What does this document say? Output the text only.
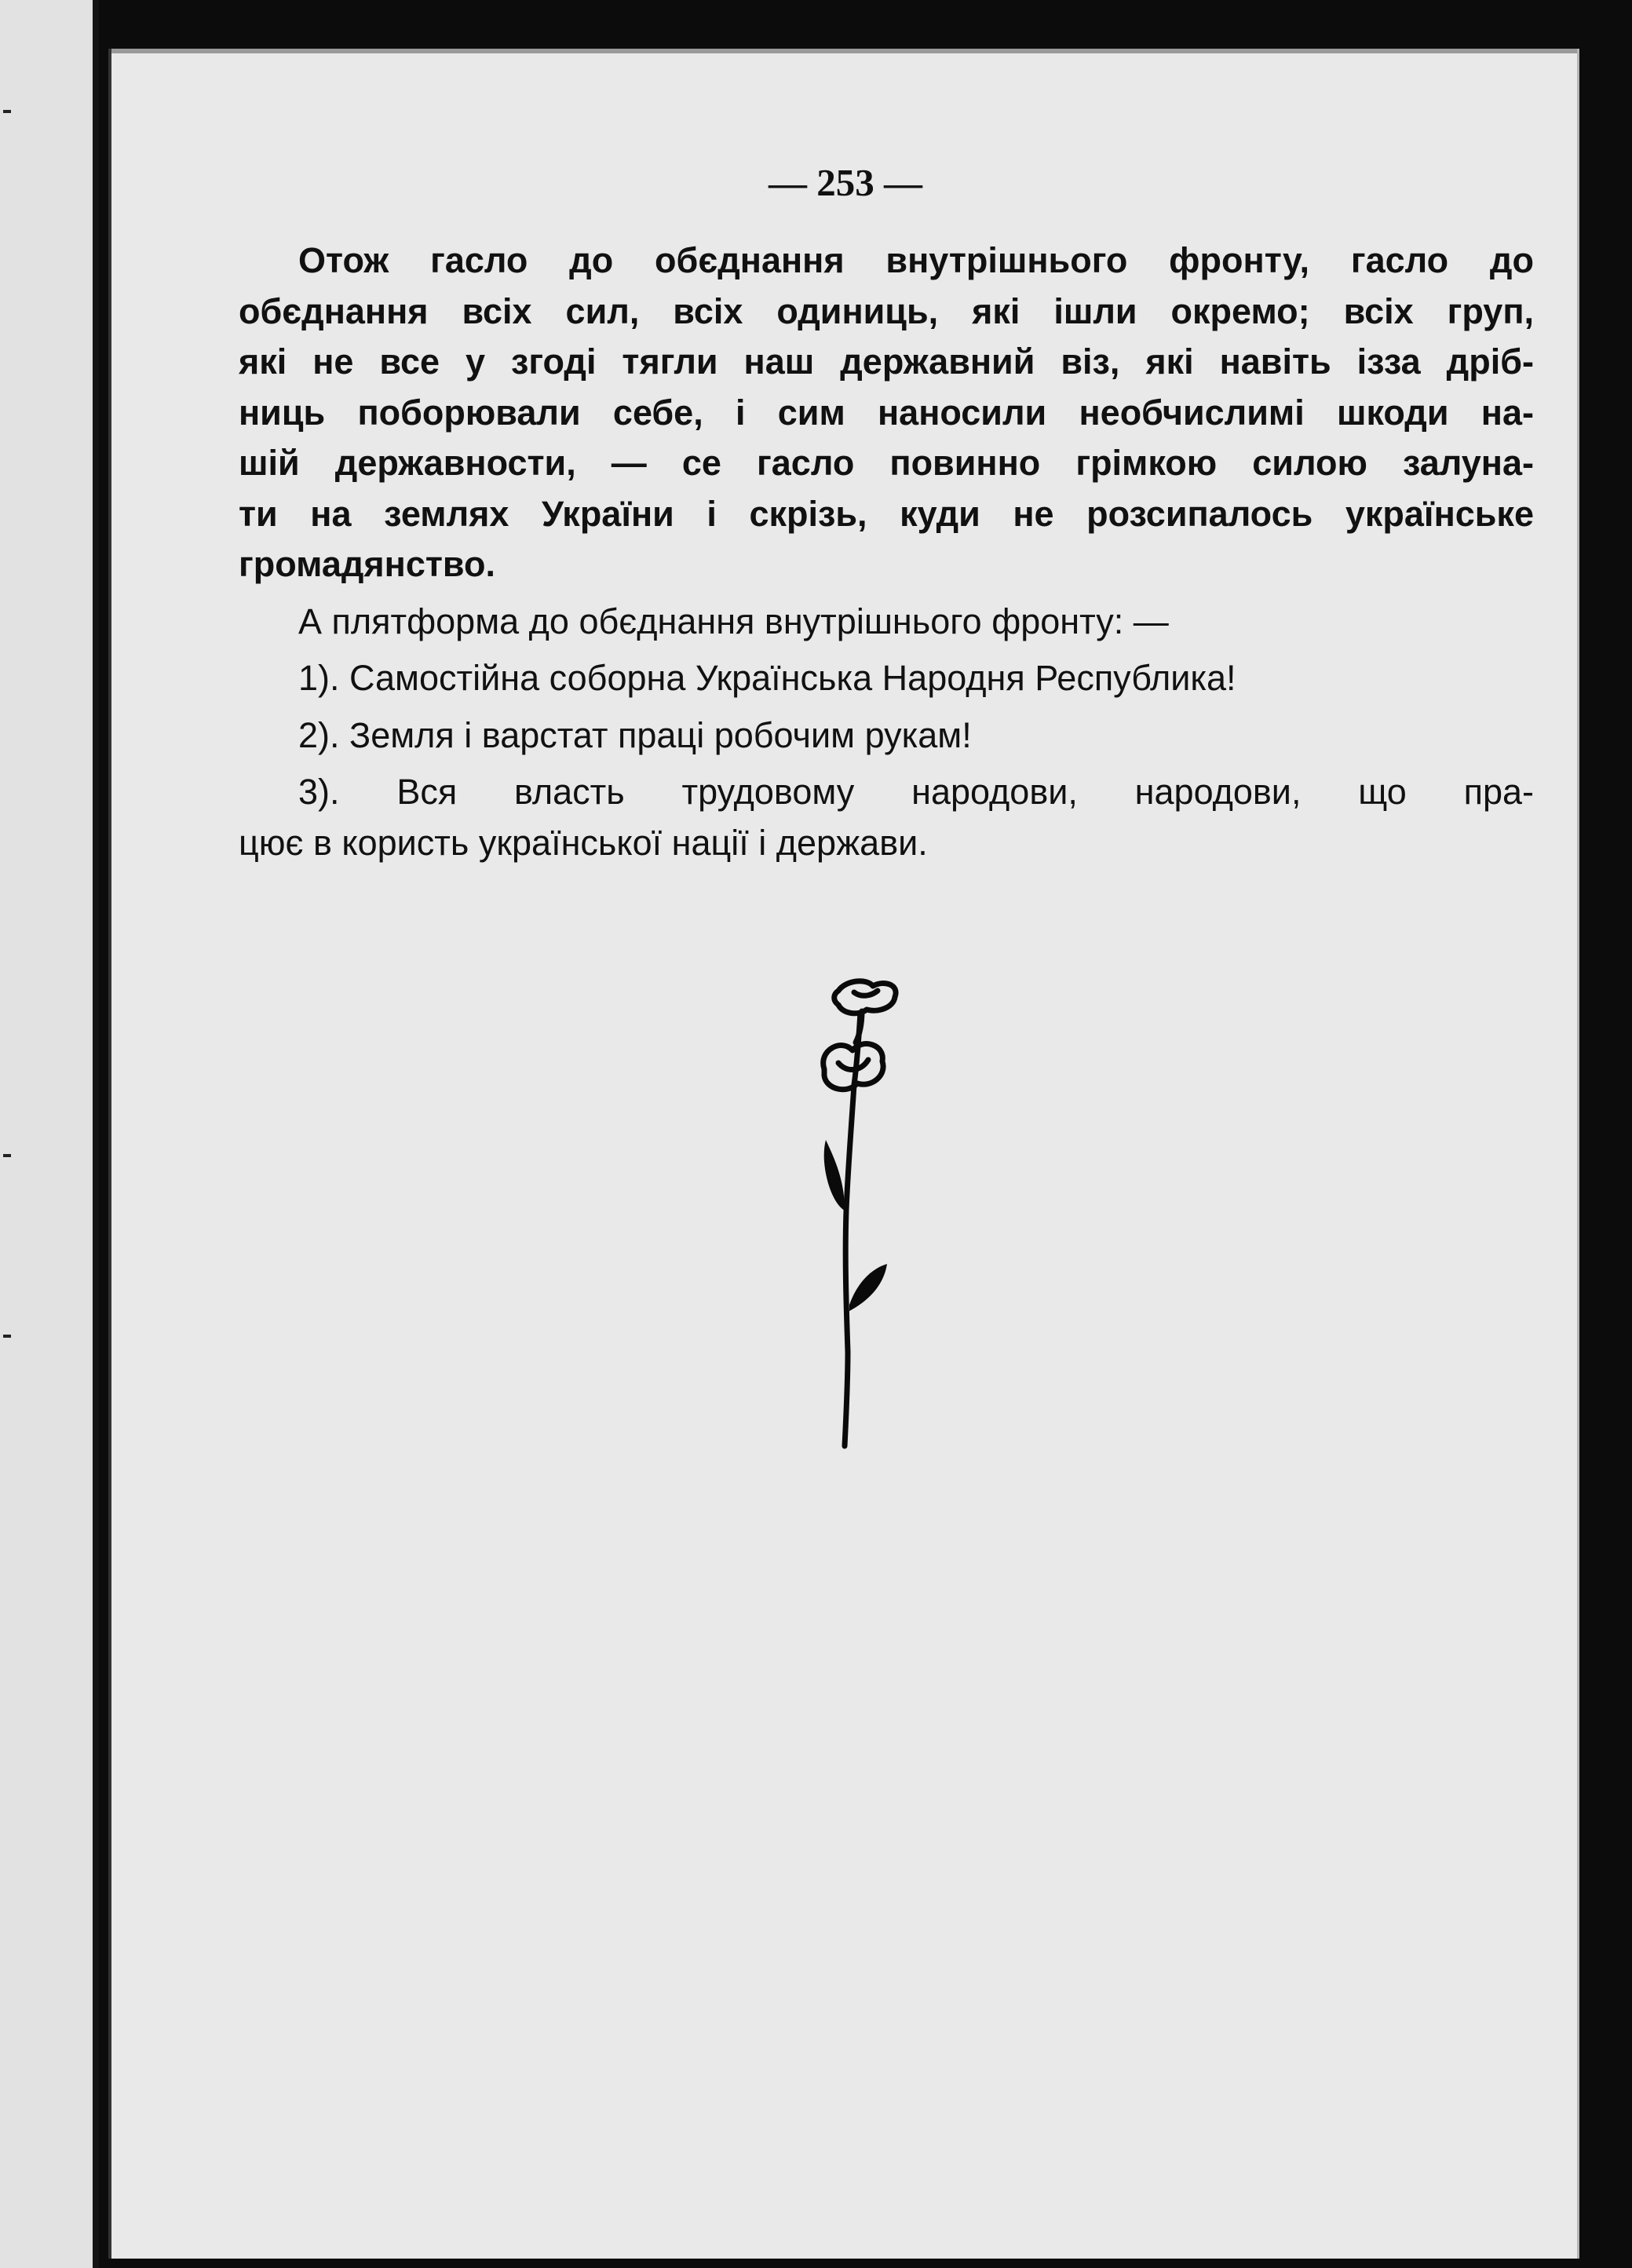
— 253 —
Отож гасло до обєднання внутрішнього фронту, гасло до
обєднання всіх сил, всіх одиниць, які ішли окремо; всіх груп,
які не все у згоді тягли наш державний віз, які навіть ізза дріб-
ниць поборювали себе, і сим наносили необчислимі шкоди на-
шій державности, — се гасло повинно грімкою силою залуна-
ти на землях України і скрізь, куди не розсипалось українське
громадянство.
А плятформа до обєднання внутрішнього фронту: —
1). Самостійна соборна Українська Народня Республика!
2). Земля і варстат праці робочим рукам!
3). Вся власть трудовому народови, народови, що пра-
цює в користь української нації і держави.
